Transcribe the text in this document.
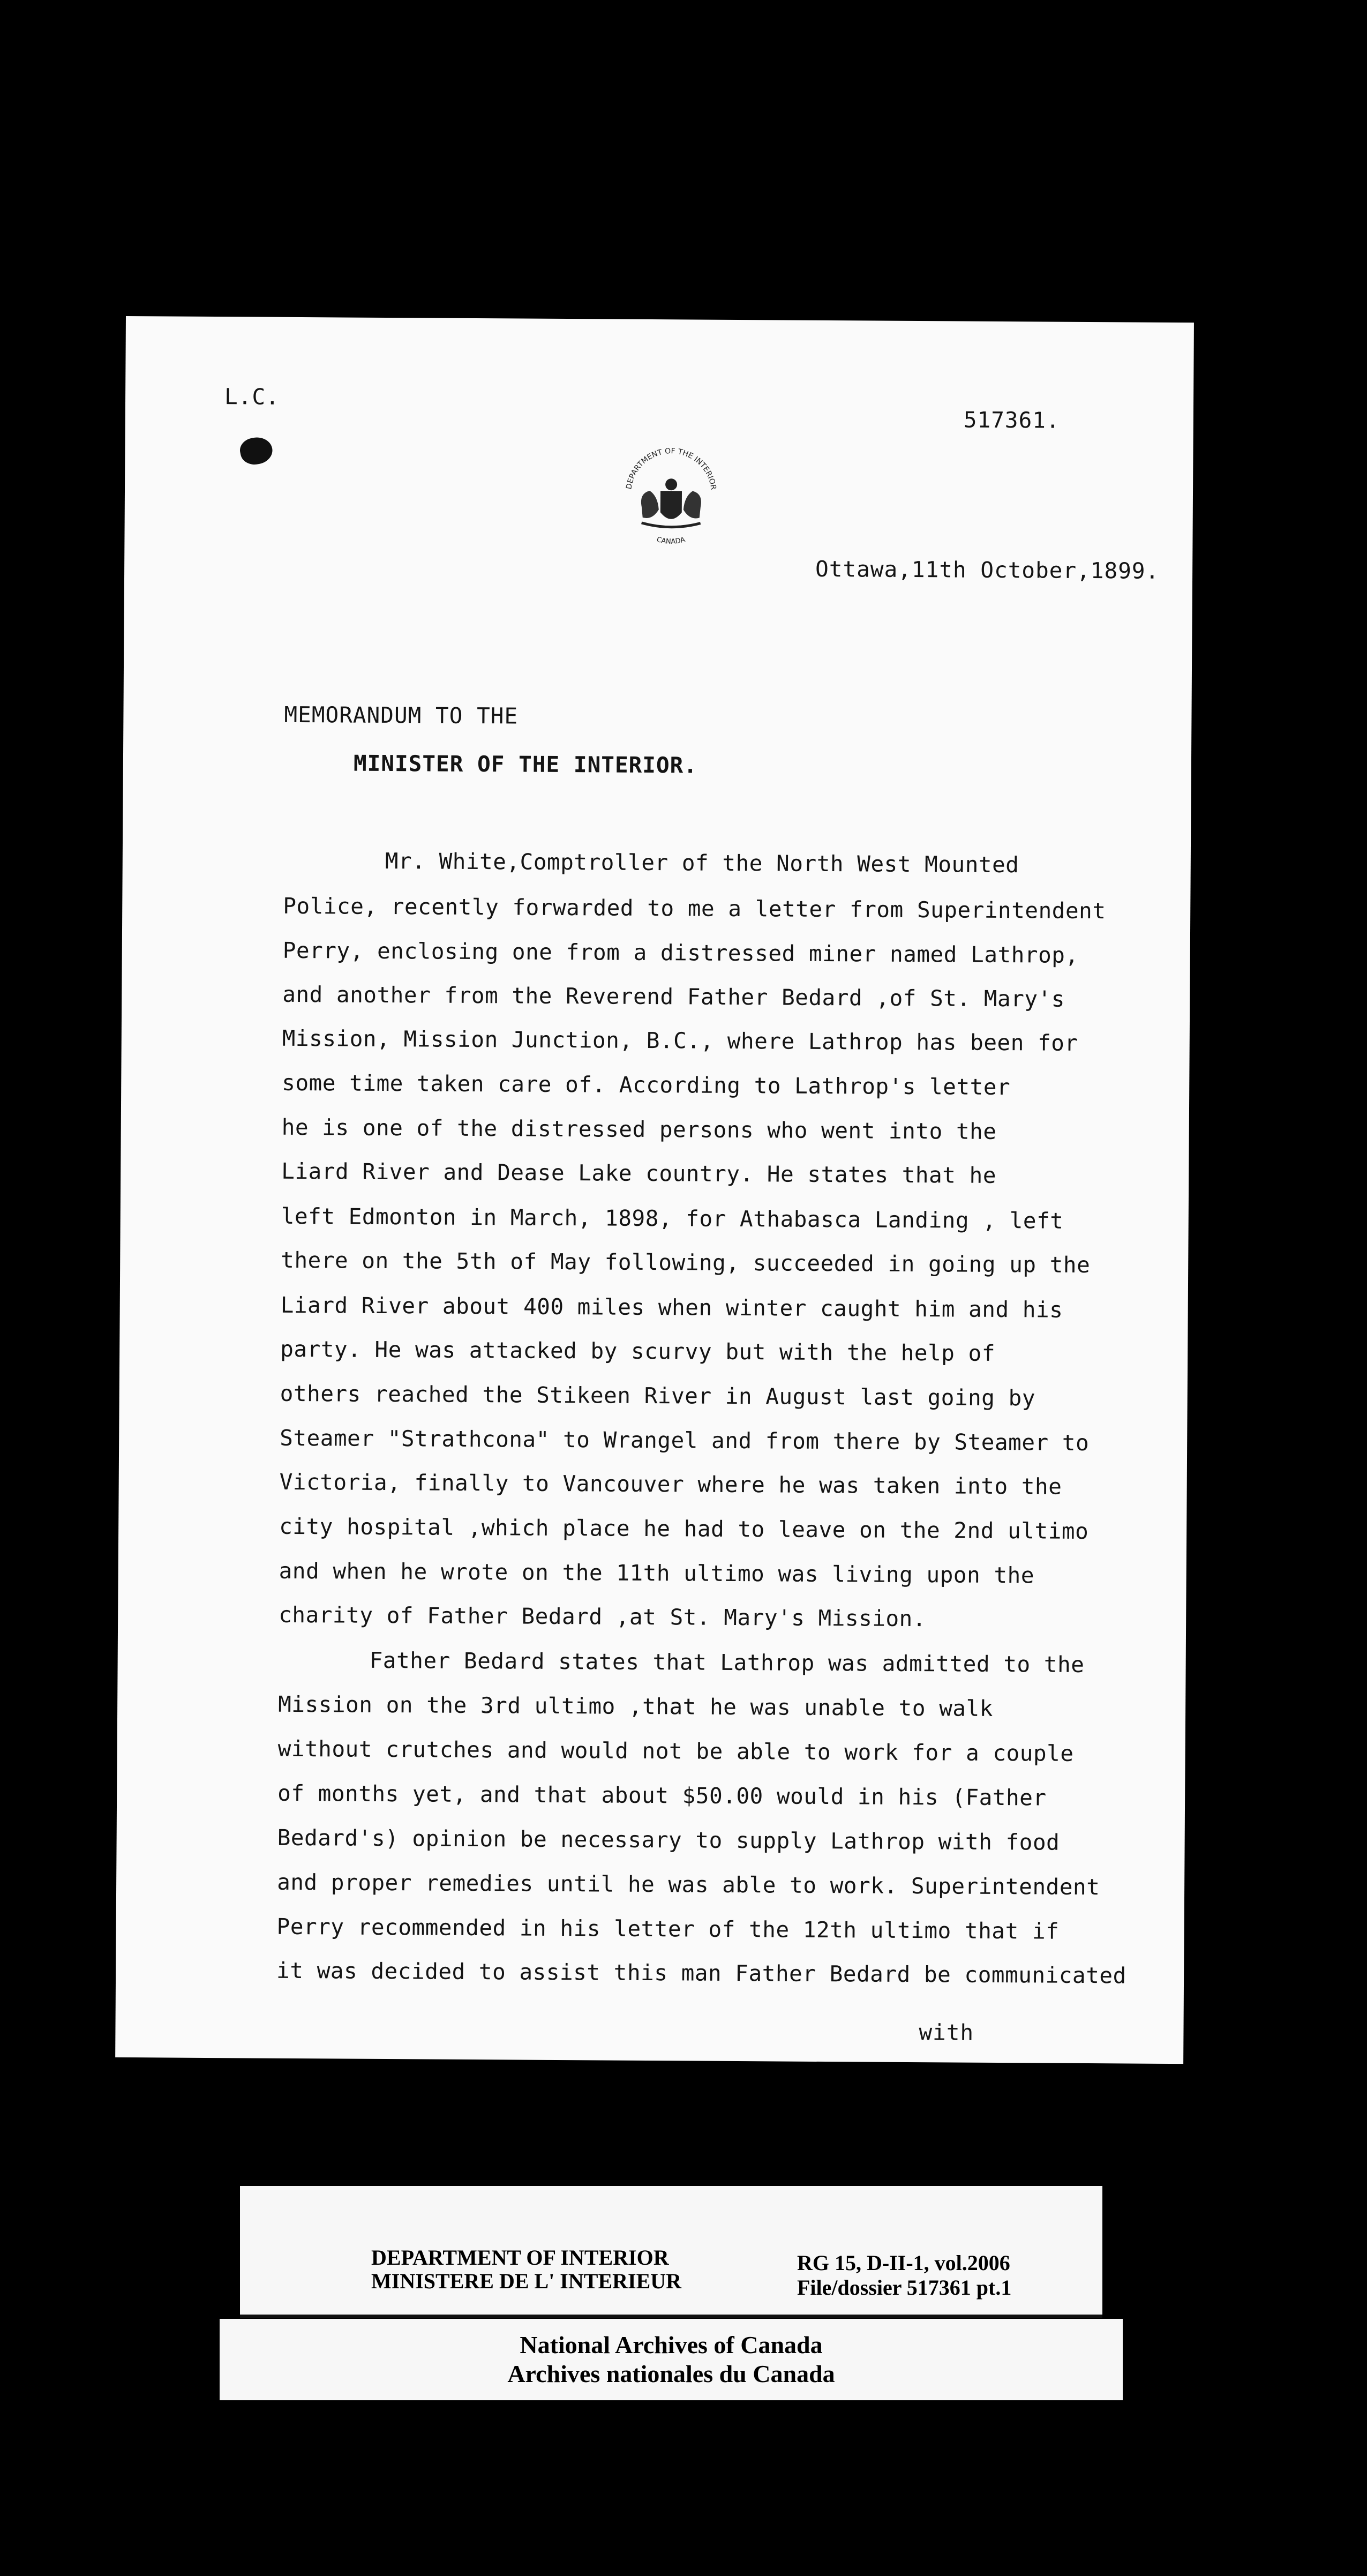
L.C.
517361.
DEPARTMENT OF THE INTERIOR
CANADA
Ottawa,11th October,1899.
MEMORANDUM TO THE
MINISTER OF THE INTERIOR.
Mr. White,Comptroller of the North West Mounted
Police, recently forwarded to me a letter from Superintendent
Perry, enclosing one from a distressed miner named Lathrop,
and another from the Reverend Father Bedard ,of St. Mary's
Mission, Mission Junction, B.C., where Lathrop has been for
some time taken care of. According to Lathrop's letter
he is one of the distressed persons who went into the
Liard River and Dease Lake country. He states that he
left Edmonton in March, 1898, for Athabasca Landing , left
there on the 5th of May following, succeeded in going up the
Liard River about 400 miles when winter caught him and his
party. He was attacked by scurvy but with the help of
others reached the Stikeen River in August last going by
Steamer "Strathcona" to Wrangel and from there by Steamer to
Victoria, finally to Vancouver where he was taken into the
city hospital ,which place he had to leave on the 2nd ultimo
and when he wrote on the 11th ultimo was living upon the
charity of Father Bedard ,at St. Mary's Mission.
Father Bedard states that Lathrop was admitted to the
Mission on the 3rd ultimo ,that he was unable to walk
without crutches and would not be able to work for a couple
of months yet, and that about $50.00 would in his (Father
Bedard's) opinion be necessary to supply Lathrop with food
and proper remedies until he was able to work. Superintendent
Perry recommended in his letter of the 12th ultimo that if
it was decided to assist this man Father Bedard be communicated
with
DEPARTMENT OF INTERIOR
MINISTERE DE L' INTERIEUR
RG 15, D-II-1, vol.2006
File/dossier 517361 pt.1
National Archives of Canada
Archives nationales du Canada
